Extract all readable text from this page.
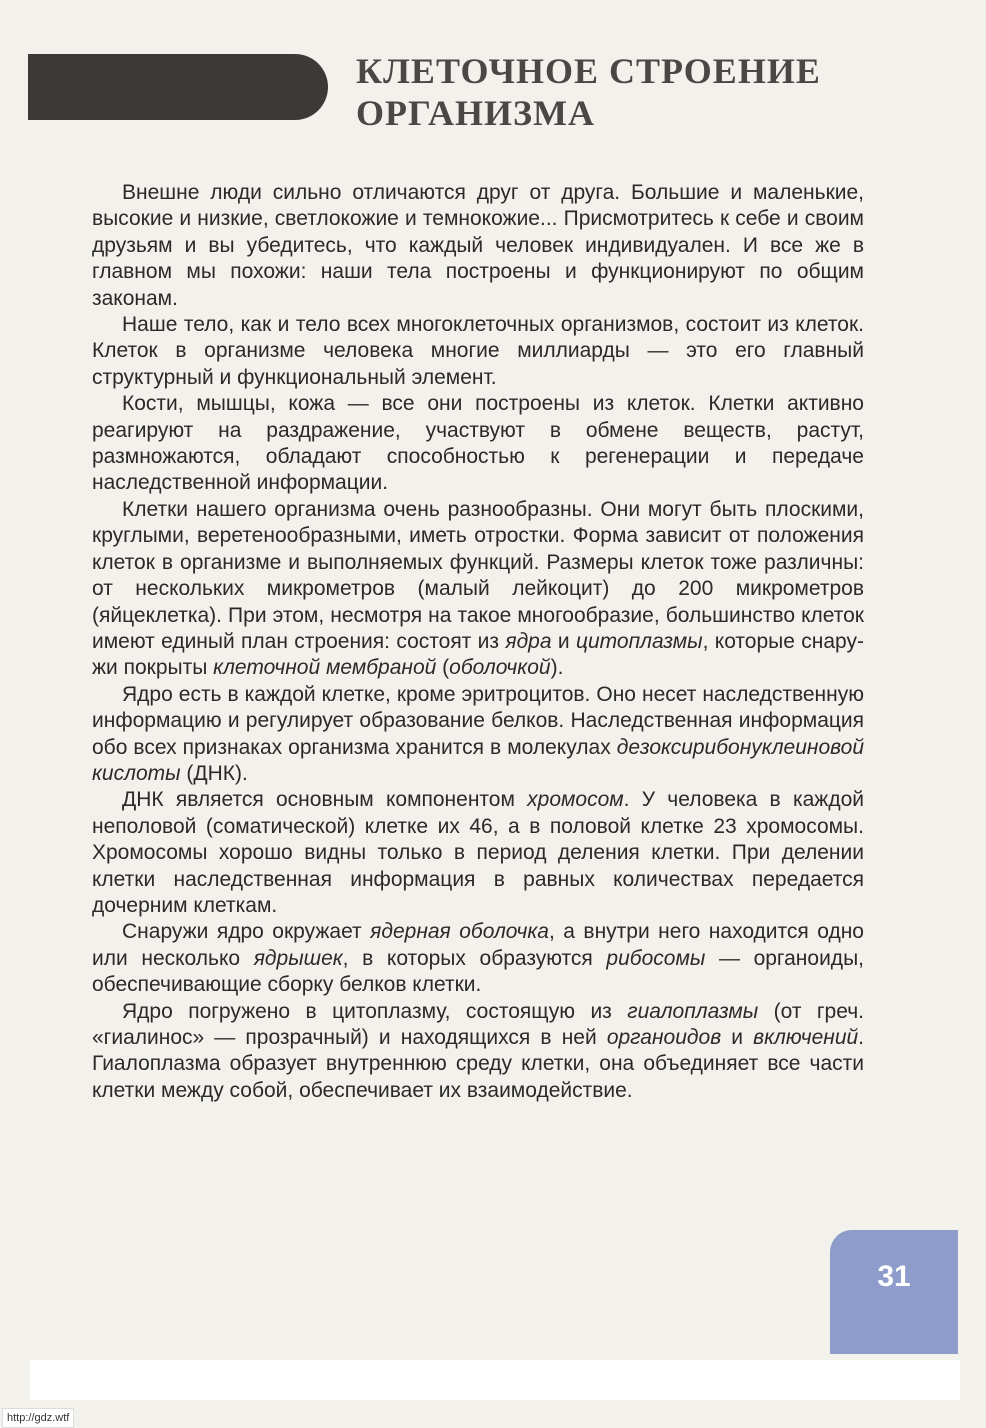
КЛЕТОЧНОЕ СТРОЕНИЕ
ОРГАНИЗМА

Внешне люди сильно отличаются друг от друга. Большие и маленькие, высокие и низкие, светлокожие и темнокожие... Присмотритесь к себе и своим друзьям и вы убедитесь, что каждый человек индивидуален. И все же в главном мы похожи: наши тела построены и функционируют по общим законам.

Наше тело, как и тело всех многоклеточных организмов, состоит из клеток. Клеток в организме человека многие миллиарды — это его главный структурный и функциональный элемент.

Кости, мышцы, кожа — все они построены из клеток. Клетки активно реагируют на раздражение, участвуют в обмене веществ, растут, размножаются, обладают способностью к регенерации и передаче наследственной информации.

Клетки нашего организма очень разнообразны. Они могут быть плоскими, круглыми, веретенообразными, иметь отростки. Форма зависит от положения клеток в организме и выполняемых функций. Размеры клеток тоже различны: от нескольких микрометров (малый лейкоцит) до 200 микрометров (яйцеклетка). При этом, несмотря на такое многообразие, большинство клеток имеют единый план строения: состоят из ядра и цитоплазмы, которые снаружи покрыты клеточной мембраной (оболочкой).

Ядро есть в каждой клетке, кроме эритроцитов. Оно несет наследственную информацию и регулирует образование белков. Наследственная информация обо всех признаках организма хранится в молекулах дезоксирибонуклеиновой кислоты (ДНК).

ДНК является основным компонентом хромосом. У человека в каждой неполовой (соматической) клетке их 46, а в половой клетке 23 хромосомы. Хромосомы хорошо видны только в период деления клетки. При делении клетки наследственная информация в равных количествах передается дочерним клеткам.

Снаружи ядро окружает ядерная оболочка, а внутри него находится одно или несколько ядрышек, в которых образуются рибосомы — органоиды, обеспечивающие сборку белков клетки.

Ядро погружено в цитоплазму, состоящую из гиалоплазмы (от греч. «гиалинос» — прозрачный) и находящихся в ней органоидов и включений. Гиалоплазма образует внутреннюю среду клетки, она объединяет все части клетки между собой, обеспечивает их взаимодействие.

31
http://gdz.wtf
